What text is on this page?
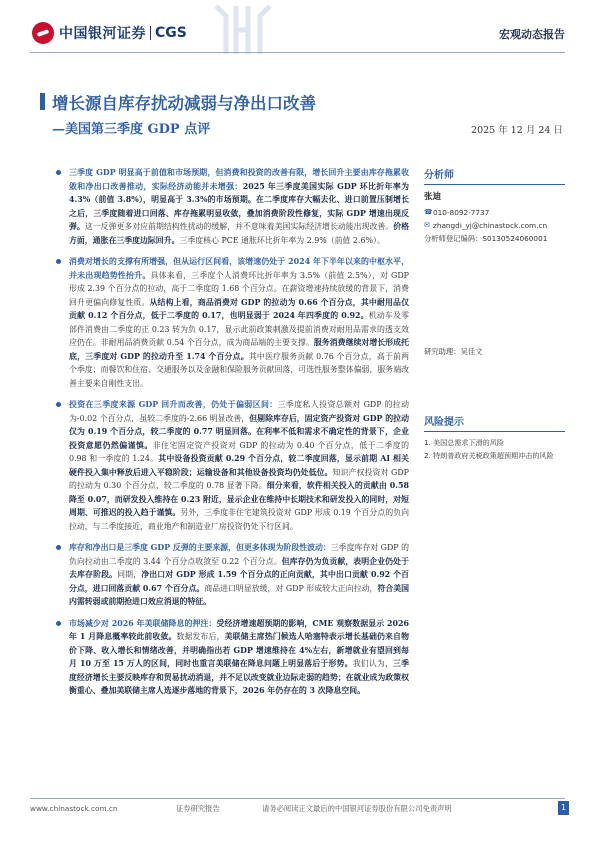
中国银河证券 CGS	宏观动态报告
增长源自库存扰动减弱与净出口改善
—美国第三季度 GDP 点评	2025 年 12 月 24 日
三季度 GDP 明显高于前值和市场预期，但消费和投资的改善有限，增长回升主要由库存拖累收敛和净出口改善推动，实际经济动能并未增强：2025 年三季度美国实际 GDP 环比折年率为 4.3%（前值 3.8%），明显高于 3.3%的市场预期。在二季度库存大幅去化、进口前置压制增长之后，三季度随着进口回落、库存拖累明显收敛，叠加消费阶段性修复，实际 GDP 增速出现反弹。这一反弹更多对应前期结构性扰动的缓解，并不意味着美国实际经济增长动能出现改善。价格方面，通胀在三季度边际回升。三季度核心 PCE 通胀环比折年率为 2.9%（前值 2.6%）。
消费对增长的支撑有所增强，但从运行区间看，该增速仍处于 2024 年下半年以来的中枢水平，并未出现趋势性抬升。具体来看，三季度个人消费环比折年率为 3.5%（前值 2.5%），对 GDP 形成 2.39 个百分点的拉动，高于二季度的 1.68 个百分点。在薪资增速持续放缓的背景下，消费回升更偏向修复性质。从结构上看，商品消费对 GDP 的拉动为 0.66 个百分点，其中耐用品仅贡献 0.12 个百分点，低于二季度的 0.17，也明显弱于 2024 年四季度的 0.92。机动车及零部件消费由二季度的正 0.23 转为负 0.17，显示此前政策刺激及提前消费对耐用品需求的透支效应仍在。非耐用品消费贡献 0.54 个百分点，成为商品端的主要支撑。服务消费继续对增长形成托底，三季度对 GDP 的拉动升至 1.74 个百分点。其中医疗服务贡献 0.76 个百分点，高于前两个季度；而餐饮和住宿、交通服务以及金融和保险服务贡献回落，可选性服务整体偏弱，服务端改善主要来自刚性支出。
投资在三季度来源 GDP 回升而改善，仍处于偏弱区间：三季度私人投资总额对 GDP 的拉动为-0.02 个百分点，虽较二季度的-2.66 明显改善，但剔除库存后，固定资产投资对 GDP 的拉动仅为 0.19 个百分点，较二季度的 0.77 明显回落。在利率不低和需求不确定性的背景下，企业投资意愿仍然偏谨慎。非住宅固定资产投资对 GDP 的拉动为 0.40 个百分点，低于二季度的 0.98 和一季度的 1.24。其中设备投资贡献 0.29 个百分点，较二季度回落，显示前期 AI 相关硬件投入集中释放后进入平稳阶段；运输设备和其他设备投资均仍处低位。知识产权投资对 GDP 的拉动为 0.30 个百分点，较二季度的 0.78 显著下降。细分来看，软件相关投入的贡献由 0.58 降至 0.07，而研发投入维持在 0.23 附近，显示企业在维持中长期技术和研发投入的同时，对短周期、可推迟的投入趋于谨慎。另外，三季度非住宅建筑投资对 GDP 形成 0.19 个百分点的负向拉动，与二季度接近，商业地产和制造业厂房投资仍处下行区间。
库存和净出口是三季度 GDP 反弹的主要来源，但更多体现为阶段性波动：三季度库存对 GDP 的负向拉动由二季度的 3.44 个百分点收敛至 0.22 个百分点。但库存仍为负贡献，表明企业仍处于去库存阶段。同期，净出口对 GDP 形成 1.59 个百分点的正向贡献，其中出口贡献 0.92 个百分点，进口回落贡献 0.67 个百分点。商品进口明显放缓，对 GDP 形成较大正向拉动，符合美国内需转弱或前期抢进口效应消退的特征。
市场减少对 2026 年美联储降息的押注：受经济增速超预期的影响，CME 观察数据显示 2026 年 1 月降息概率较此前收敛。数据发布后，美联储主席热门候选人哈塞特表示增长基础仍来自物价下降、收入增长和情绪改善，并明确指出若 GDP 增速维持在 4%左右，新增就业有望回到每月 10 万至 15 万人的区间，同时也重言美联储在降息问题上明显落后于形势。我们认为，三季度经济增长主要反映库存和贸易扰动消退，并不足以改变就业边际走弱的趋势；在就业成为政策权衡重心、叠加美联储主席人选逐步落地的背景下，2026 年仍存在的 3 次降息空间。
分析师
张迪
☎ 010-8092-7737
✉ zhangdi_yj@chinastock.com.cn
分析师登记编码： S0130524060001
研究助理：吴佳文
风险提示
1. 美国总需求下滑的风险
2. 特朗普政府关税政策超预期冲击的风险
www.chinastock.com.cn	证券研究报告	请务必阅读正文最后的中国银河证券股份有限公司免责声明	1
